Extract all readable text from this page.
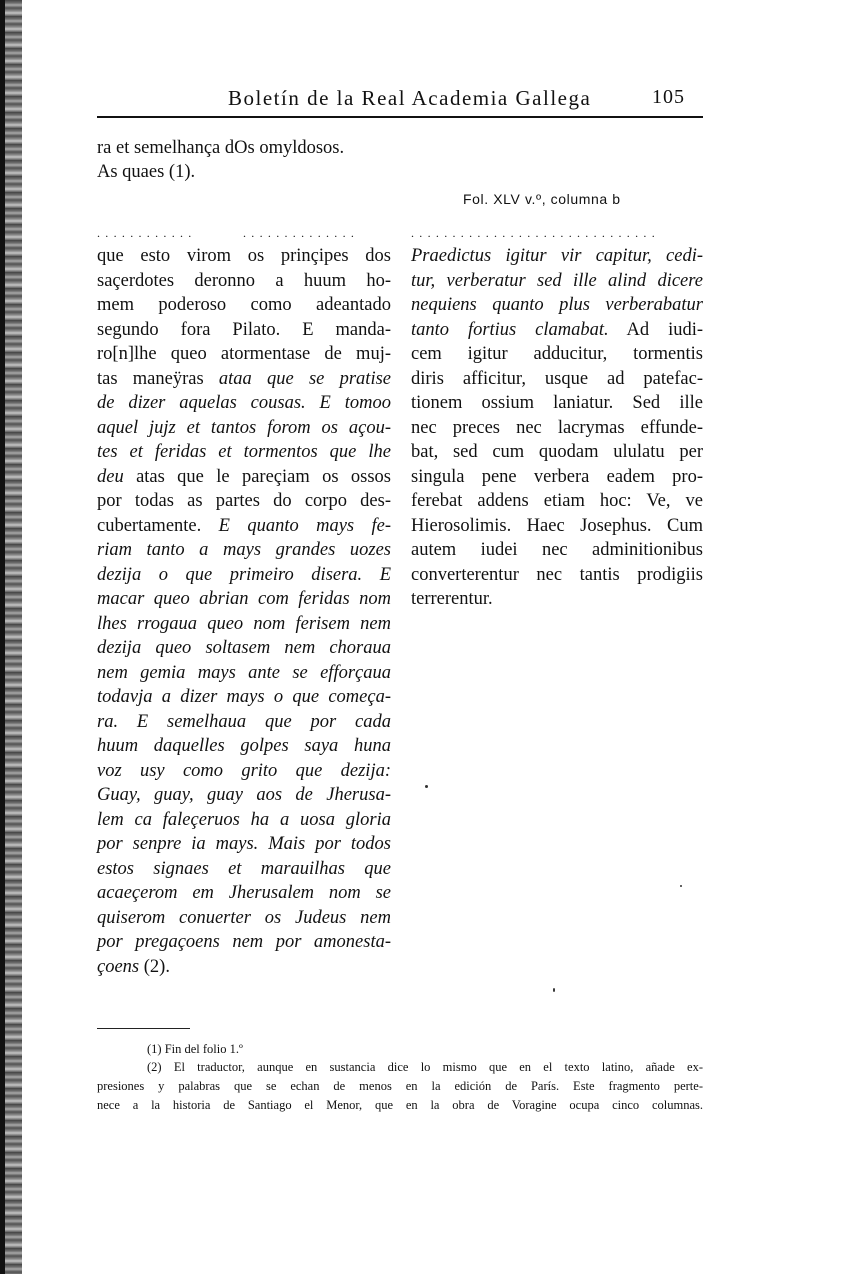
Boletín de la Real Academia Gallega	105
ra et semelhança dOs omyldosos.
As quaes (1).
Fol. XLV v.º, columna b
............	..............	..............................
que esto virom os prinçipes dos
saçerdotes deronno a huum ho-
mem poderoso como adeantado
segundo fora Pilato. E manda-
ro[n]lhe queo atormentase de muj-
tas maneÿras ataa que se pratise
de dizer aquelas cousas. E tomoo
aquel jujz et tantos forom os açou-
tes et feridas et tormentos que lhe
deu atas que le pareçiam os ossos
por todas as partes do corpo des-
cubertamente. E quanto mays fe-
riam tanto a mays grandes uozes
dezija o que primeiro disera. E
macar queo abrian com feridas nom
lhes rrogaua queo nom ferisem nem
dezija queo soltasem nem choraua
nem gemia mays ante se efforçaua
todavja a dizer mays o que começa-
ra. E semelhaua que por cada
huum daquelles golpes saya huna
voz usy como grito que dezija:
Guay, guay, guay aos de Jherusa-
lem ca faleçeruos ha a uosa gloria
por senpre ia mays. Mais por todos
estos signaes et marauilhas que
acaeçerom em Jherusalem nom se
quiserom conuerter os Judeus nem
por pregaçoens nem por amonesta-
çoens (2).
Praedictus igitur vir capitur, cedi-
tur, verberatur sed ille alind dicere
nequiens quanto plus verberabatur
tanto fortius clamabat. Ad iudi-
cem igitur adducitur, tormentis
diris afficitur, usque ad patefac-
tionem ossium laniatur. Sed ille
nec preces nec lacrymas effunde-
bat, sed cum quodam ululatu per
singula pene verbera eadem pro-
ferebat addens etiam hoc: Ve, ve
Hierosolimis. Haec Josephus. Cum
autem iudei nec adminitionibus
converterentur nec tantis prodigiis
terrerentur.
(1) Fin del folio 1.º
(2) El traductor, aunque en sustancia dice lo mismo que en el texto latino, añade ex-
presiones y palabras que se echan de menos en la edición de París. Este fragmento perte-
nece a la historia de Santiago el Menor, que en la obra de Voragine ocupa cinco columnas.
